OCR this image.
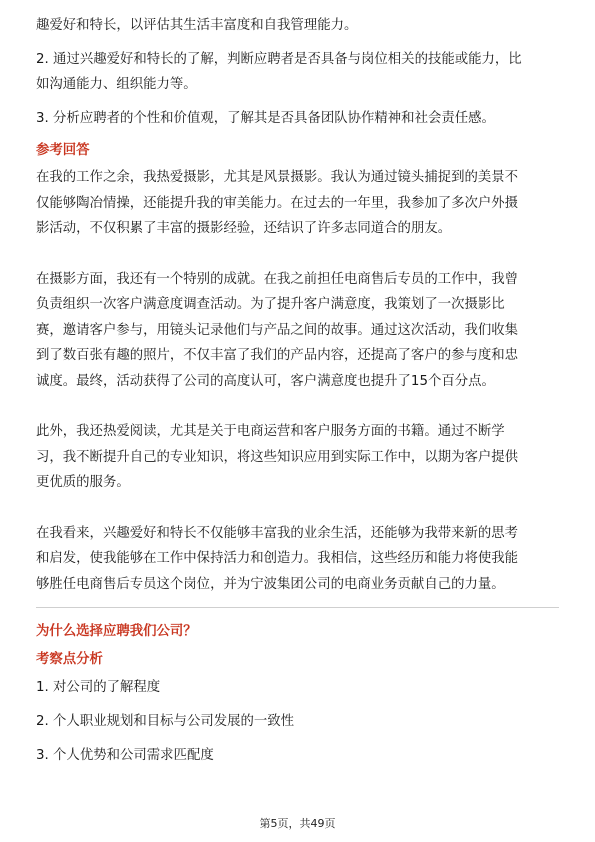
趣爱好和特长，以评估其生活丰富度和自我管理能力。

2. 通过兴趣爱好和特长的了解，判断应聘者是否具备与岗位相关的技能或能力，比

如沟通能力、组织能力等。

3. 分析应聘者的个性和价值观，了解其是否具备团队协作精神和社会责任感。

参考回答

在我的工作之余，我热爱摄影，尤其是风景摄影。我认为通过镜头捕捉到的美景不

仅能够陶冶情操，还能提升我的审美能力。在过去的一年里，我参加了多次户外摄

影活动，不仅积累了丰富的摄影经验，还结识了许多志同道合的朋友。

在摄影方面，我还有一个特别的成就。在我之前担任电商售后专员的工作中，我曾

负责组织一次客户满意度调查活动。为了提升客户满意度，我策划了一次摄影比

赛，邀请客户参与，用镜头记录他们与产品之间的故事。通过这次活动，我们收集

到了数百张有趣的照片，不仅丰富了我们的产品内容，还提高了客户的参与度和忠

诚度。最终，活动获得了公司的高度认可，客户满意度也提升了15个百分点。

此外，我还热爱阅读，尤其是关于电商运营和客户服务方面的书籍。通过不断学

习，我不断提升自己的专业知识，将这些知识应用到实际工作中，以期为客户提供

更优质的服务。

在我看来，兴趣爱好和特长不仅能够丰富我的业余生活，还能够为我带来新的思考

和启发，使我能够在工作中保持活力和创造力。我相信，这些经历和能力将使我能

够胜任电商售后专员这个岗位，并为宁波集团公司的电商业务贡献自己的力量。

为什么选择应聘我们公司？

考察点分析

1. 对公司的了解程度

2. 个人职业规划和目标与公司发展的一致性

3. 个人优势和公司需求匹配度

第5页，共49页
